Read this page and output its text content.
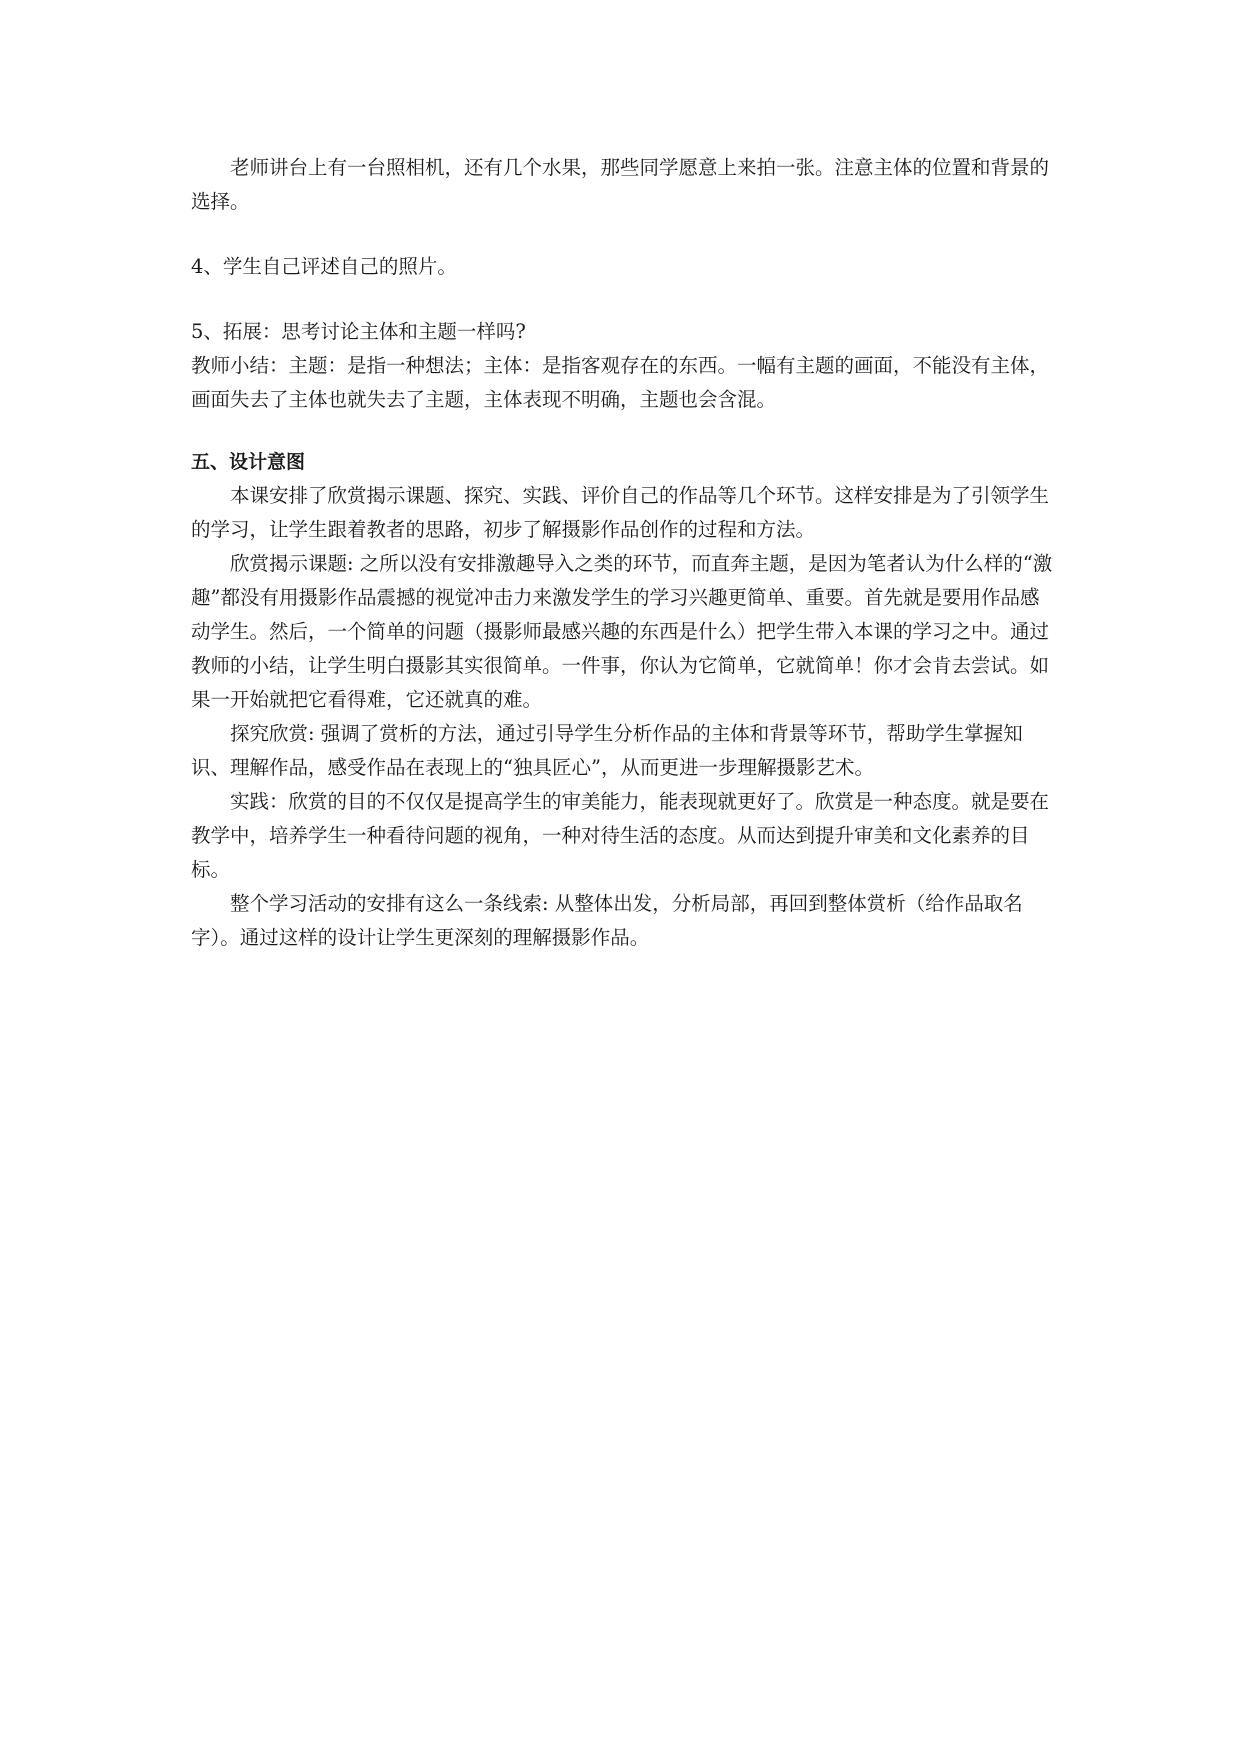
老师讲台上有一台照相机，还有几个水果，那些同学愿意上来拍一张。注意主体的位置和背景的选择。

4、学生自己评述自己的照片。

5、拓展：思考讨论主体和主题一样吗?

教师小结：主题：是指一种想法；主体：是指客观存在的东西。一幅有主题的画面，不能没有主体，画面失去了主体也就失去了主题，主体表现不明确，主题也会含混。

五、设计意图

本课安排了欣赏揭示课题、探究、实践、评价自己的作品等几个环节。这样安排是为了引领学生的学习，让学生跟着教者的思路，初步了解摄影作品创作的过程和方法。

欣赏揭示课题: 之所以没有安排激趣导入之类的环节，而直奔主题，是因为笔者认为什么样的“激趣”都没有用摄影作品震撼的视觉冲击力来激发学生的学习兴趣更简单、重要。首先就是要用作品感动学生。然后，一个简单的问题（摄影师最感兴趣的东西是什么）把学生带入本课的学习之中。通过教师的小结，让学生明白摄影其实很简单。一件事，你认为它简单，它就简单！你才会肯去尝试。如果一开始就把它看得难，它还就真的难。

探究欣赏: 强调了赏析的方法，通过引导学生分析作品的主体和背景等环节，帮助学生掌握知识、理解作品，感受作品在表现上的“独具匠心”，从而更进一步理解摄影艺术。

实践：欣赏的目的不仅仅是提高学生的审美能力，能表现就更好了。欣赏是一种态度。就是要在教学中，培养学生一种看待问题的视角，一种对待生活的态度。从而达到提升审美和文化素养的目标。

整个学习活动的安排有这么一条线索: 从整体出发，分析局部，再回到整体赏析（给作品取名字）。通过这样的设计让学生更深刻的理解摄影作品。
